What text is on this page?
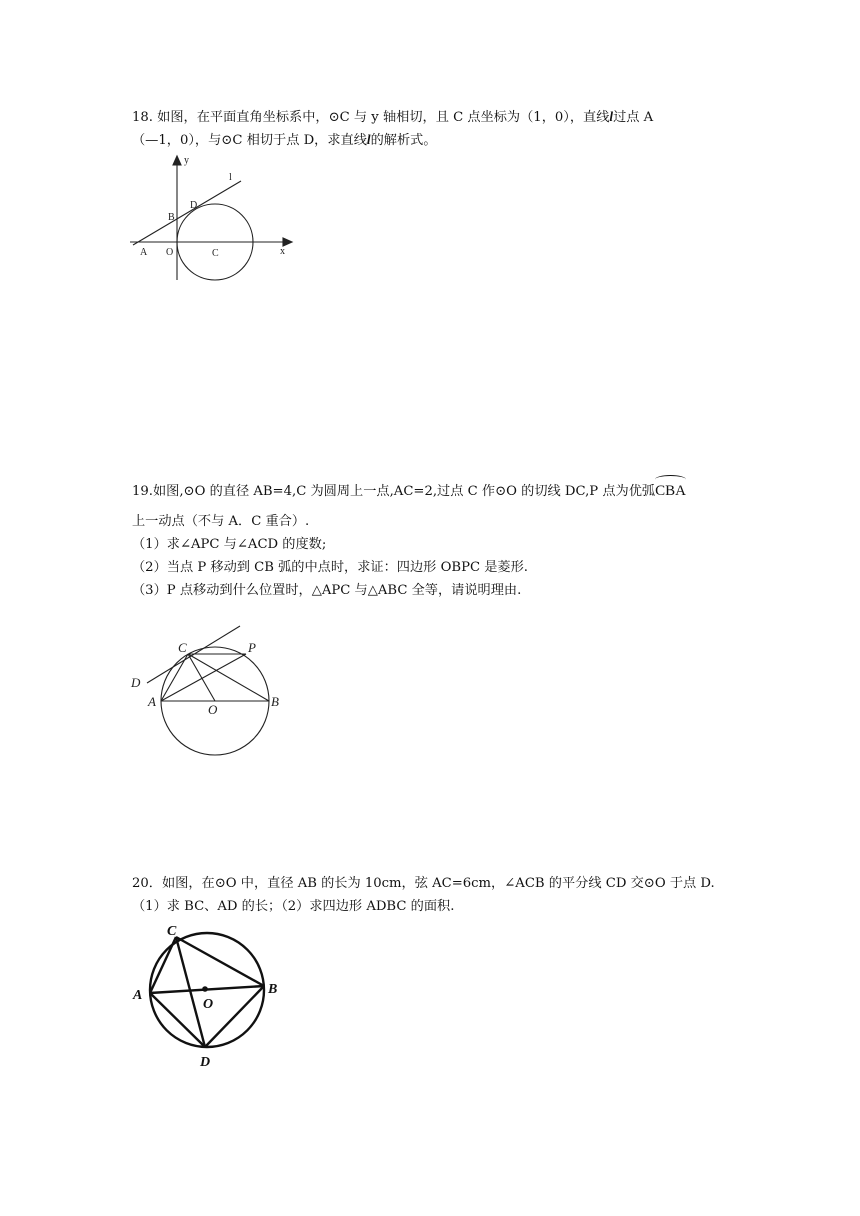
18. 如图，在平面直角坐标系中，⊙C 与 y 轴相切，且 C 点坐标为（1，0），直线l过点 A
（—1，0），与⊙C 相切于点 D，求直线l的解析式。
y
x
l
D
B
A O	C
19.如图,⊙O 的直径 AB=4,C 为圆周上一点,AC=2,过点 C 作⊙O 的切线 DC,P 点为优弧CBA
上一动点（不与 A．C 重合）.
（1）求∠APC 与∠ACD 的度数;
（2）当点 P 移动到 CB 弧的中点时，求证：四边形 OBPC 是菱形.
（3）P 点移动到什么位置时，△APC 与△ABC 全等，请说明理由.
C	P
D
A
O
B
20．如图，在⊙O 中，直径 AB 的长为 10cm，弦 AC=6cm，∠ACB 的平分线 CD 交⊙O 于点 D.
（1）求 BC、AD 的长；（2）求四边形 ADBC 的面积.
C
A
O
B
D
